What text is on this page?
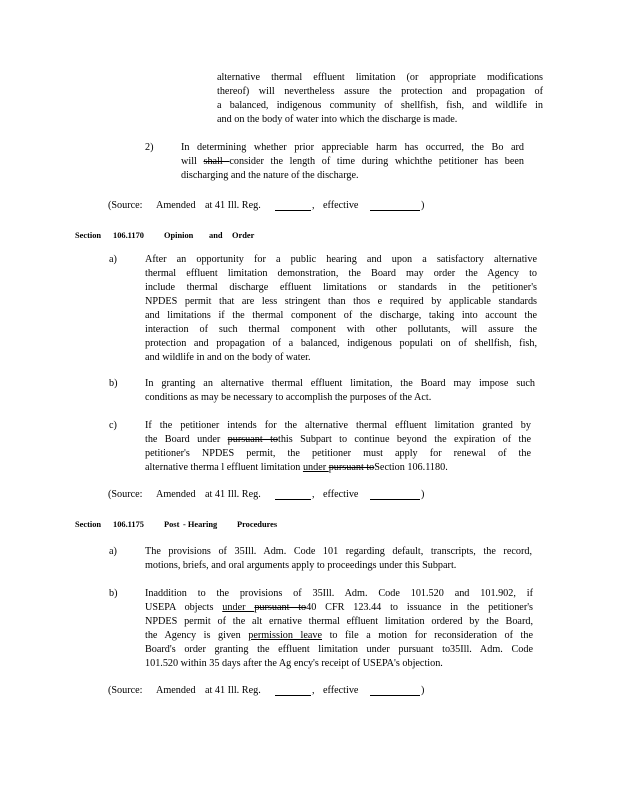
alternative thermal effluent limitation (or appropriate modifications
thereof) will nevertheless assure the protection and propagation of
a balanced, indigenous community of shellfish, fish, and wildlife in
and on the body of water into which the discharge is made.
2)	In determining whether prior appreciable harm has occurred, the Bo ard
will shall consider the length of time during whichthe petitioner has been
discharging and the nature of the discharge.
(Source: Amended at 41 Ill. Reg.	, effective	)
Section 106.1170 Opinion and Order
a)	After an opportunity for a public hearing and upon a satisfactory alternative
thermal effluent limitation demonstration, the Board may order the Agency to
include thermal discharge effluent limitations or standards in the petitioner's
NPDES permit that are less stringent than thos e required by applicable standards
and limitations if the thermal component of the discharge, taking into account the
interaction of such thermal component with other pollutants, will assure the
protection and propagation of a balanced, indigenous populati on of shellfish, fish,
and wildlife in and on the body of water.
b)	In granting an alternative thermal effluent limitation, the Board may impose such
conditions as may be necessary to accomplish the purposes of the Act.
c)	If the petitioner intends for the alternative thermal effluent limitation granted by
the Board under pursuant tothis Subpart to continue beyond the expiration of the
petitioner's NPDES permit, the petitioner must apply for renewal of the
alternative therma l effluent limitation under pursuant toSection 106.1180.
(Source: Amended at 41 Ill. Reg.	, effective	)
Section 106.1175 Post - Hearing Procedures
a)	The provisions of 35Ill. Adm. Code 101 regarding default, transcripts, the record,
motions, briefs, and oral arguments apply to proceedings under this Subpart.
b)	Inaddition to the provisions of 35Ill. Adm. Code 101.520 and 101.902, if
USEPA objects under pursuant to40 CFR 123.44 to issuance in the petitioner's
NPDES permit of the alt ernative thermal effluent limitation ordered by the Board,
the Agency is given permission leave to file a motion for reconsideration of the
Board's order granting the effluent limitation under pursuant to35Ill. Adm. Code
101.520 within 35 days after the Ag ency's receipt of USEPA's objection.
(Source: Amended at 41 Ill. Reg.	, effective	)
